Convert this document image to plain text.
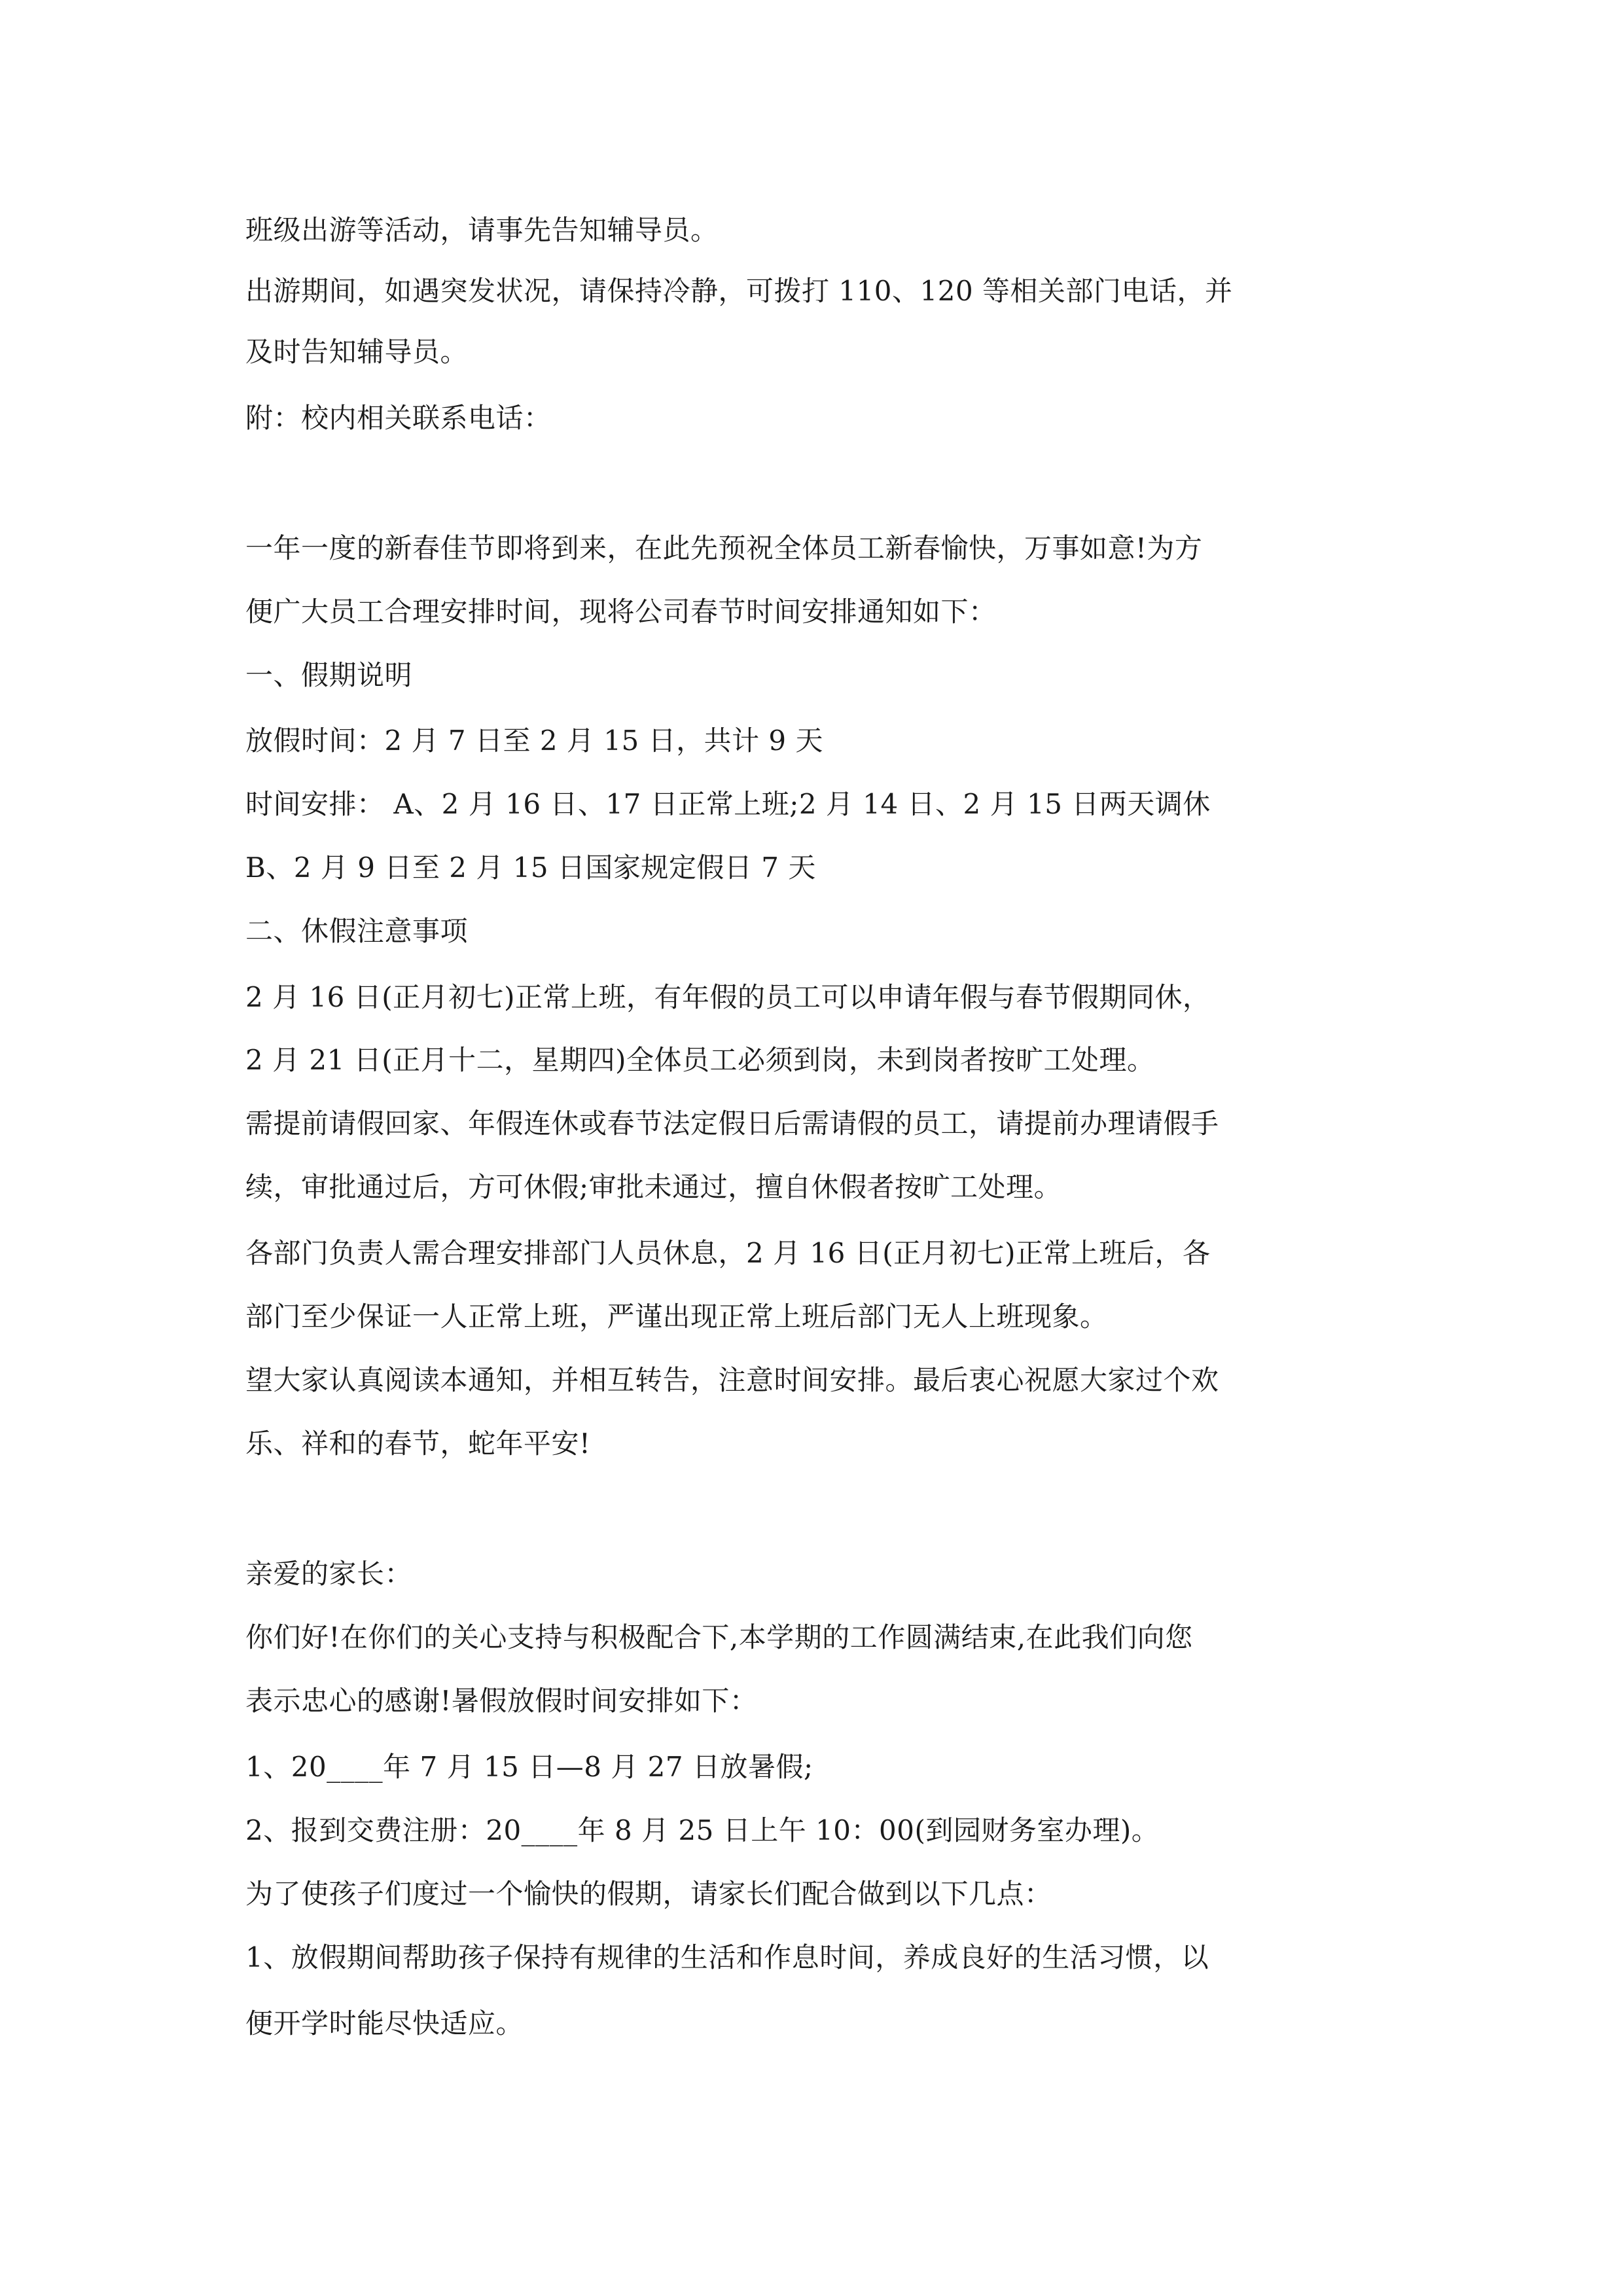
班级出游等活动，请事先告知辅导员。
出游期间，如遇突发状况，请保持冷静，可拨打 110、120 等相关部门电话，并
及时告知辅导员。
附：校内相关联系电话：
一年一度的新春佳节即将到来，在此先预祝全体员工新春愉快，万事如意!为方
便广大员工合理安排时间，现将公司春节时间安排通知如下：
一、假期说明
放假时间：2 月 7 日至 2 月 15 日，共计 9 天
时间安排： A、2 月 16 日、17 日正常上班;2 月 14 日、2 月 15 日两天调休
B、2 月 9 日至 2 月 15 日国家规定假日 7 天
二、休假注意事项
2 月 16 日(正月初七)正常上班，有年假的员工可以申请年假与春节假期同休，
2 月 21 日(正月十二，星期四)全体员工必须到岗，未到岗者按旷工处理。
需提前请假回家、年假连休或春节法定假日后需请假的员工，请提前办理请假手
续，审批通过后，方可休假;审批未通过，擅自休假者按旷工处理。
各部门负责人需合理安排部门人员休息，2 月 16 日(正月初七)正常上班后，各
部门至少保证一人正常上班，严谨出现正常上班后部门无人上班现象。
望大家认真阅读本通知，并相互转告，注意时间安排。最后衷心祝愿大家过个欢
乐、祥和的春节，蛇年平安!
亲爱的家长：
你们好!在你们的关心支持与积极配合下,本学期的工作圆满结束,在此我们向您
表示忠心的感谢!暑假放假时间安排如下：
1、20____年 7 月 15 日—8 月 27 日放暑假;
2、报到交费注册：20____年 8 月 25 日上午 10：00(到园财务室办理)。
为了使孩子们度过一个愉快的假期，请家长们配合做到以下几点：
1、放假期间帮助孩子保持有规律的生活和作息时间，养成良好的生活习惯，以
便开学时能尽快适应。
